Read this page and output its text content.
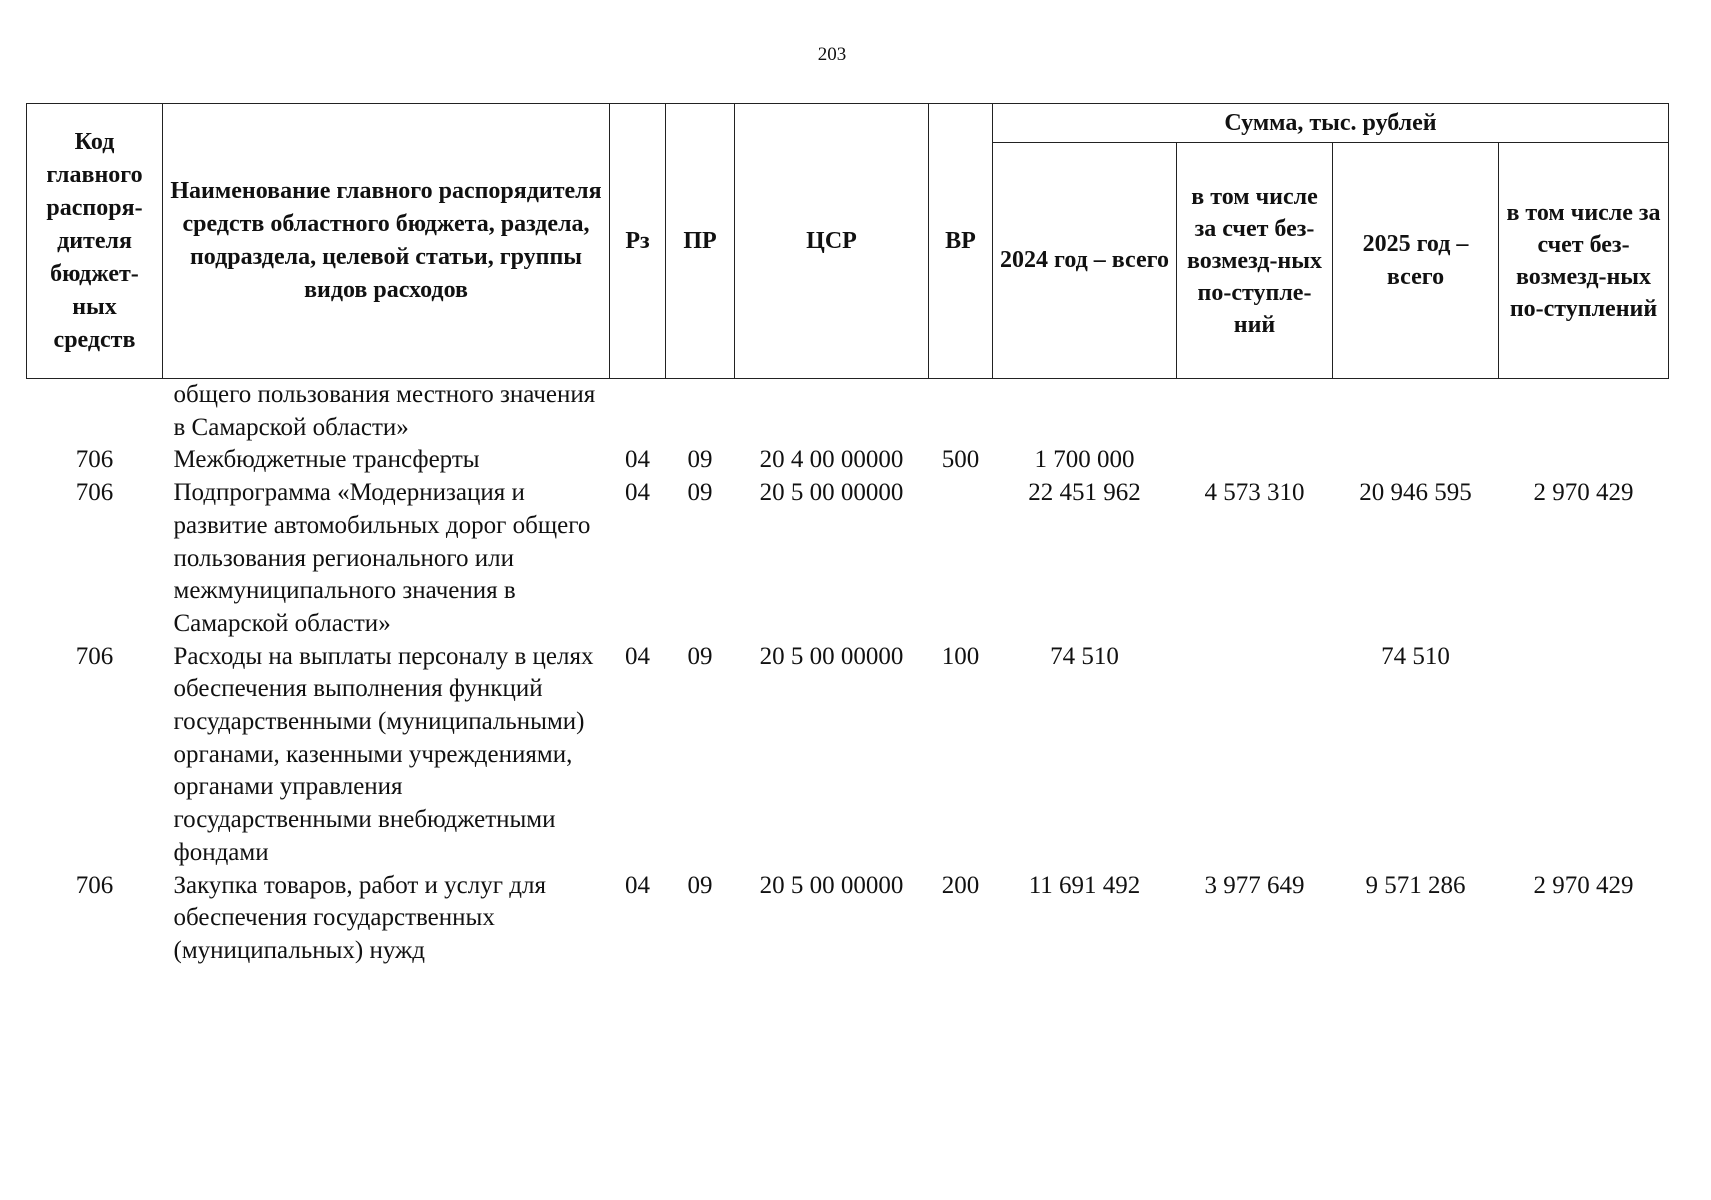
203
Код главного распоря-дителя бюджет-ных средств	Наименование главного распорядителя средств областного бюджета, раздела, подраздела, целевой статьи, группы видов расходов	Рз	ПР	ЦСР	ВР	Сумма, тыс. рублей			
						2024 год – всего	в том числе за счет без-возмезд-ных по-ступле-ний	2025 год – всего	в том числе за счет без-возмезд-ных по-ступлений
	общего пользования местного значения в Самарской области»								
706	Межбюджетные трансферты	04	09	20 4 00 00000	500	1 700 000			
706	Подпрограмма «Модернизация и развитие автомобильных дорог общего пользования регионального или межмуниципального значения в Самарской области»	04	09	20 5 00 00000		22 451 962	4 573 310	20 946 595	2 970 429
706	Расходы на выплаты персоналу в целях обеспечения выполнения функций государственными (муниципальными) органами, казенными учреждениями, органами управления государственными внебюджетными фондами	04	09	20 5 00 00000	100	74 510		74 510	
706	Закупка товаров, работ и услуг для обеспечения государственных (муниципальных) нужд	04	09	20 5 00 00000	200	11 691 492	3 977 649	9 571 286	2 970 429
